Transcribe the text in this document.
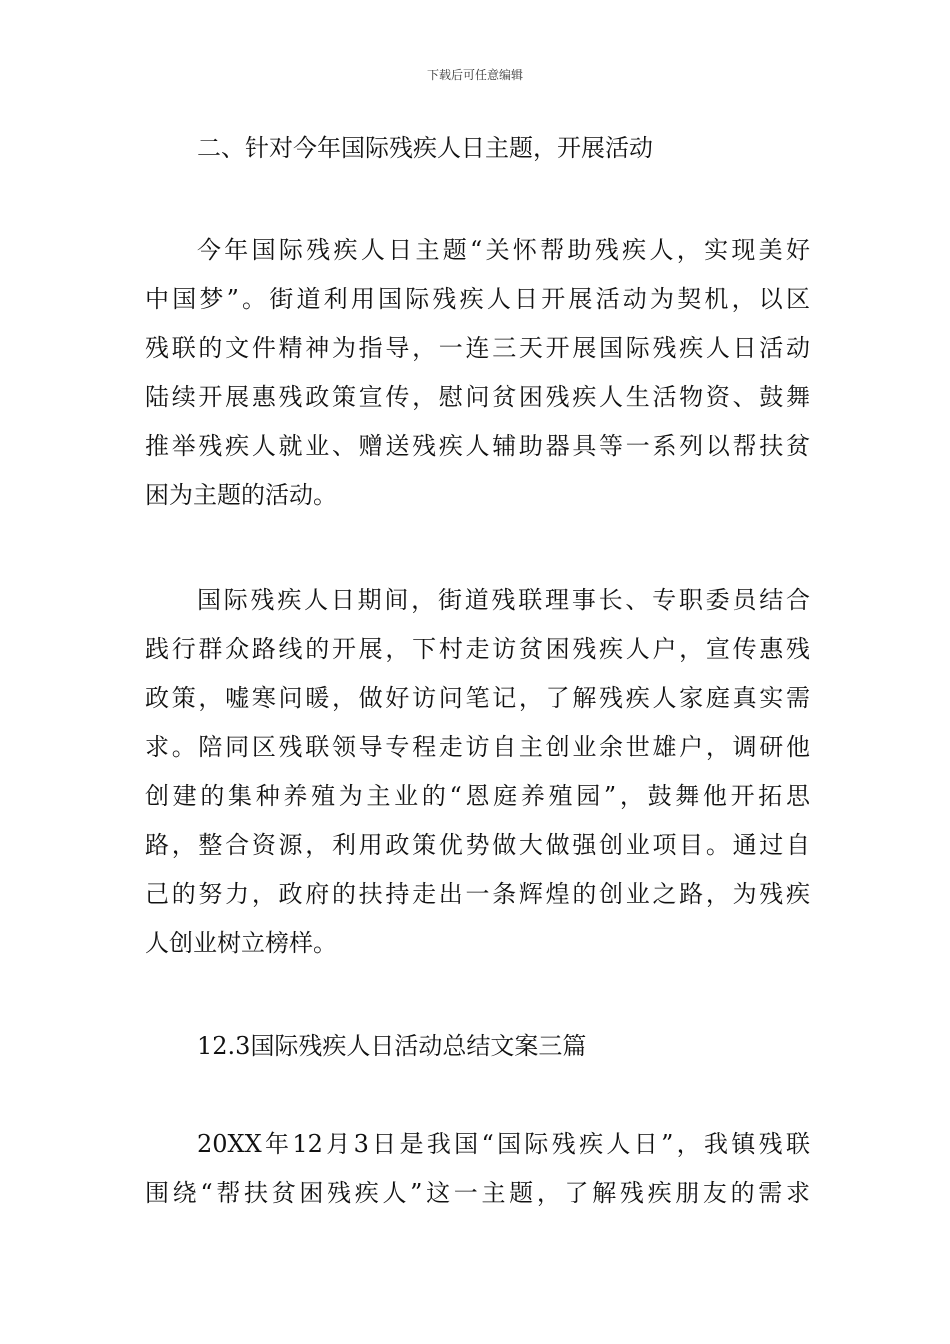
下载后可任意编辑
二、针对今年国际残疾人日主题，开展活动
今年国际残疾人日主题“关怀帮助残疾人，实现美好
中国梦”。街道利用国际残疾人日开展活动为契机，以区
残联的文件精神为指导，一连三天开展国际残疾人日活动
陆续开展惠残政策宣传，慰问贫困残疾人生活物资、鼓舞
推举残疾人就业、赠送残疾人辅助器具等一系列以帮扶贫
困为主题的活动。
国际残疾人日期间，街道残联理事长、专职委员结合
践行群众路线的开展，下村走访贫困残疾人户，宣传惠残
政策，嘘寒问暖，做好访问笔记，了解残疾人家庭真实需
求。陪同区残联领导专程走访自主创业余世雄户，调研他
创建的集种养殖为主业的“恩庭养殖园”，鼓舞他开拓思
路，整合资源，利用政策优势做大做强创业项目。通过自
己的努力，政府的扶持走出一条辉煌的创业之路，为残疾
人创业树立榜样。
12.3国际残疾人日活动总结文案三篇
20XX年12月3日是我国“国际残疾人日”，我镇残联
围绕“帮扶贫困残疾人”这一主题，了解残疾朋友的需求
